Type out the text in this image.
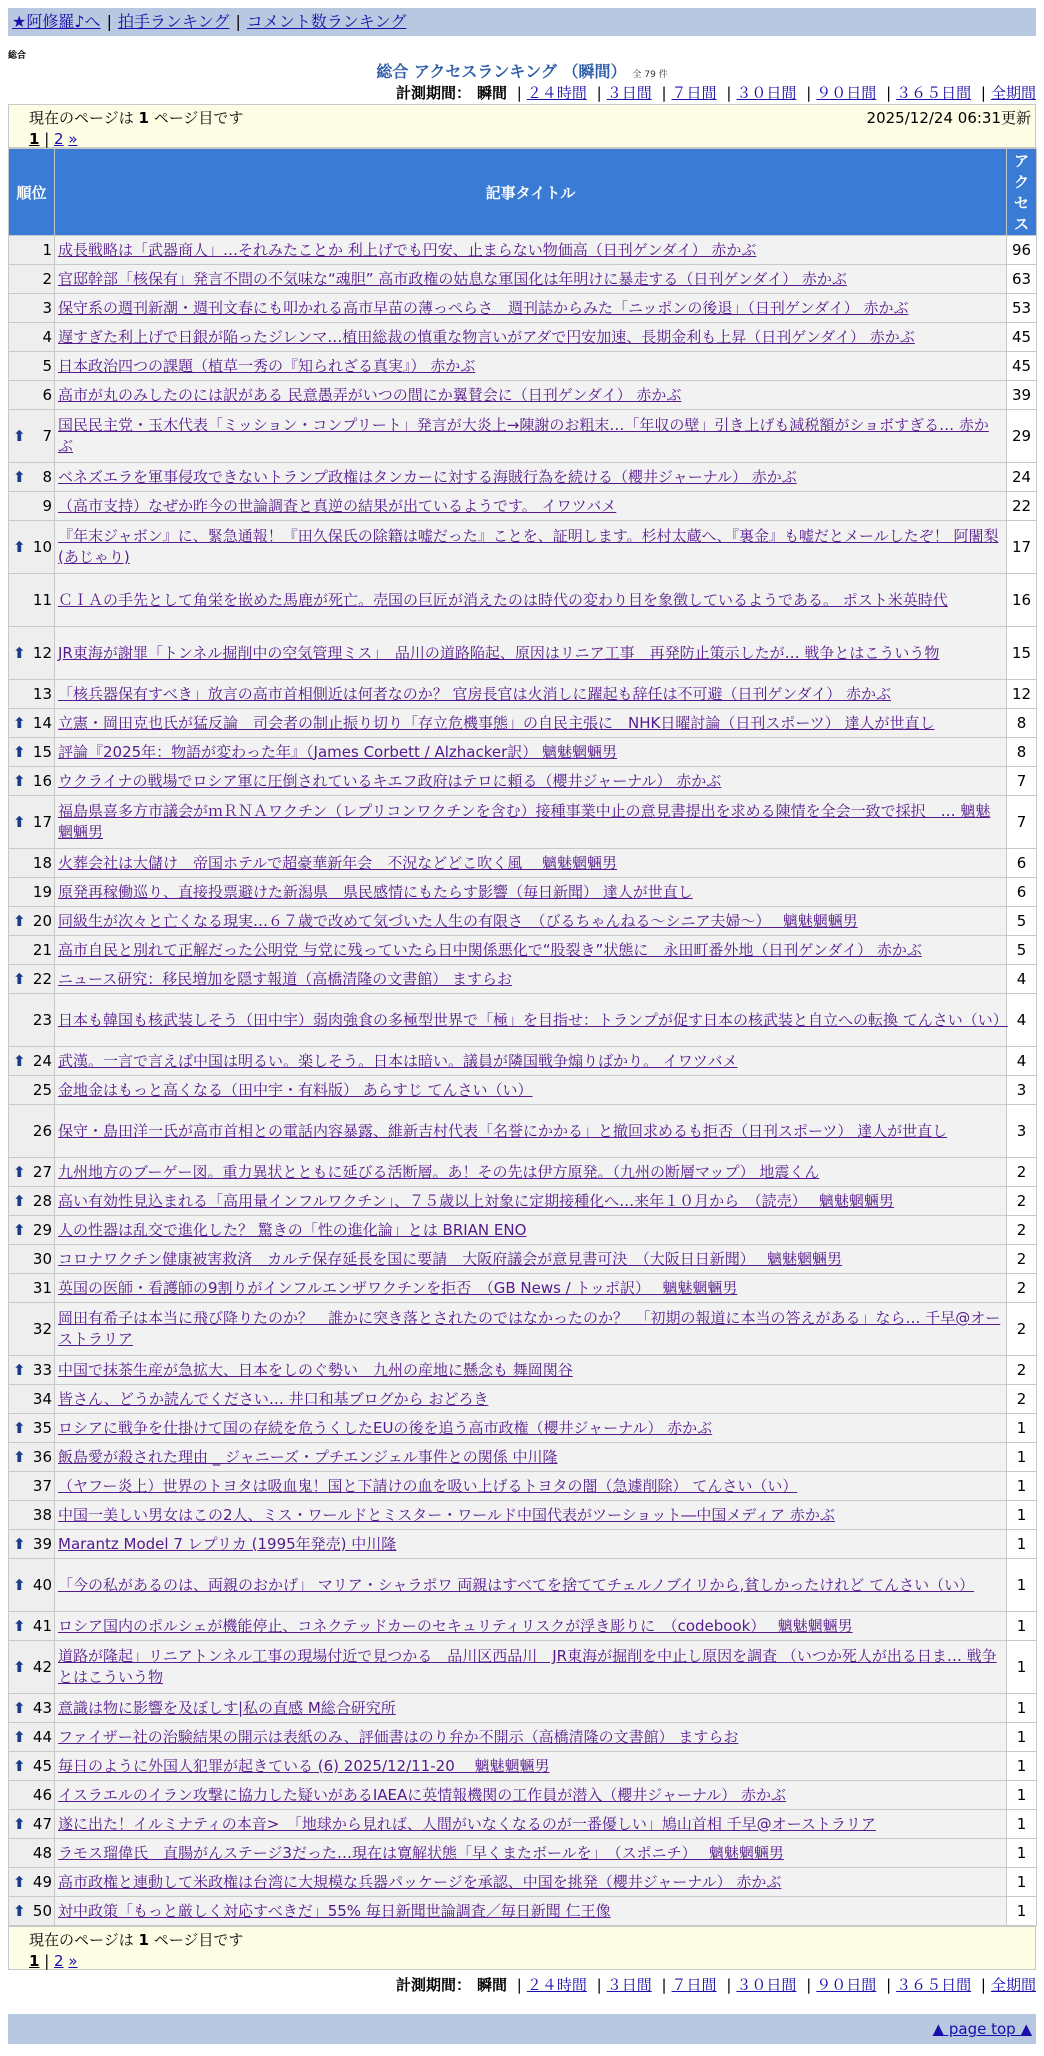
★阿修羅♪へ | 拍手ランキング | コメント数ランキング
総合
総合 アクセスランキング （瞬間） 全 79 件
計測期間： 瞬間 | ２４時間 | ３日間 | ７日間 | ３０日間 | ９０日間 | ３６５日間 | 全期間
現在のページは 1 ページ目です	2025/12/24 06:31更新
1 | 2 »
順位	記事タイトル	アクセス
1	成長戦略は「武器商人」…それみたことか 利上げでも円安、止まらない物価高（日刊ゲンダイ） 赤かぶ	96
2	官邸幹部「核保有」発言不問の不気味な“魂胆” 高市政権の姑息な軍国化は年明けに暴走する（日刊ゲンダイ） 赤かぶ	63
3	保守系の週刊新潮・週刊文春にも叩かれる高市早苗の薄っぺらさ　週刊誌からみた「ニッポンの後退」（日刊ゲンダイ） 赤かぶ	53
4	遅すぎた利上げで日銀が陥ったジレンマ…植田総裁の慎重な物言いがアダで円安加速、長期金利も上昇（日刊ゲンダイ） 赤かぶ	45
5	日本政治四つの課題（植草一秀の『知られざる真実』） 赤かぶ	45
6	高市が丸のみしたのには訳がある 民意愚弄がいつの間にか翼賛会に（日刊ゲンダイ） 赤かぶ	39

⬆ 7	国民民主党・玉木代表「ミッション・コンプリート」発言が大炎上→陳謝のお粗末…「年収の壁」引き上げも減税額がショボすぎる… 赤かぶ	29

⬆ 8	ベネズエラを軍事侵攻できないトランプ政権はタンカーに対する海賊行為を続ける（櫻井ジャーナル） 赤かぶ	24
9	（高市支持）なぜか昨今の世論調査と真逆の結果が出ているようです。 イワツバメ	22

⬆ 10	『年末ジャボン』に、緊急通報！『田久保氏の除籍は嘘だった』ことを、証明します。杉村太蔵へ、『裏金』も嘘だとメールしたぞ！ 阿闍梨(あじゃり)	17
11	ＣＩＡの手先として角栄を嵌めた馬鹿が死亡。売国の巨匠が消えたのは時代の変わり目を象徴しているようである。 ポスト米英時代	16

⬆ 12	JR東海が謝罪「トンネル掘削中の空気管理ミス」　品川の道路陥起、原因はリニア工事　再発防止策示したが… 戦争とはこういう物	15
13	「核兵器保有すべき」放言の高市首相側近は何者なのか？ 官房長官は火消しに躍起も辞任は不可避（日刊ゲンダイ） 赤かぶ	12

⬆ 14	立憲・岡田克也氏が猛反論　司会者の制止振り切り「存立危機事態」の自民主張に　NHK日曜討論（日刊スポーツ） 達人が世直し	8

⬆ 15	評論『2025年：物語が変わった年』（James Corbett / Alzhacker訳） 魑魅魍魎男	8

⬆ 16	ウクライナの戦場でロシア軍に圧倒されているキエフ政府はテロに頼る（櫻井ジャーナル） 赤かぶ	7

⬆ 17	福島県喜多方市議会がｍＲＮＡワクチン（レプリコンワクチンを含む）接種事業中止の意見書提出を求める陳情を全会一致で採択　… 魑魅魍魎男	7
18	火葬会社は大儲け　帝国ホテルで超豪華新年会　不況などどこ吹く風　 魑魅魍魎男	6
19	原発再稼働巡り、直接投票避けた新潟県　県民感情にもたらす影響（毎日新聞） 達人が世直し	6

⬆ 20	同級生が次々と亡くなる現実…６７歳で改めて気づいた人生の有限さ　（びるちゃんねる〜シニア夫婦〜）　 魑魅魍魎男	5
21	高市自民と別れて正解だった公明党 与党に残っていたら日中関係悪化で“股裂き”状態に　永田町番外地（日刊ゲンダイ） 赤かぶ	5

⬆ 22	ニュース研究：移民増加を隠す報道（高橋清隆の文書館） ますらお	4
23	日本も韓国も核武装しそう（田中宇）弱肉強食の多極型世界で「極」を目指せ：トランプが促す日本の核武装と自立への転換 てんさい（い）	4

⬆ 24	武漢。一言で言えば中国は明るい。楽しそう。日本は暗い。議員が隣国戦争煽りばかり。 イワツバメ	4
25	金地金はもっと高くなる（田中宇・有料版） あらすじ てんさい（い）	3
26	保守・島田洋一氏が高市首相との電話内容暴露、維新吉村代表「名誉にかかる」と撤回求めるも拒否（日刊スポーツ） 達人が世直し	3

⬆ 27	九州地方のブーゲー図。重力異状とともに延びる活断層。あ！その先は伊方原発。（九州の断層マップ） 地震くん	2

⬆ 28	高い有効性見込まれる「高用量インフルワクチン」、７５歳以上対象に定期接種化へ…来年１０月から　（読売）　 魑魅魍魎男	2

⬆ 29	人の性器は乱交で進化した？ 驚きの「性の進化論」とは BRIAN ENO	2
30	コロナワクチン健康被害救済　カルテ保存延長を国に要請　大阪府議会が意見書可決　（大阪日日新聞）　 魑魅魍魎男	2
31	英国の医師・看護師の9割りがインフルエンザワクチンを拒否　（GB News / トッポ訳）　 魑魅魍魎男	2
32	岡田有希子は本当に飛び降りたのか？　誰かに突き落とされたのではなかったのか？　「初期の報道に本当の答えがある」なら… 千早@オーストラリア	2

⬆ 33	中国で抹茶生産が急拡大、日本をしのぐ勢い　九州の産地に懸念も 舞岡関谷	2
34	皆さん、どうか読んでください… 井口和基ブログから おどろき	2

⬆ 35	ロシアに戦争を仕掛けて国の存続を危うくしたEUの後を追う高市政権（櫻井ジャーナル） 赤かぶ	1

⬆ 36	飯島愛が殺された理由 _ ジャニーズ・プチエンジェル事件との関係 中川隆	1
37	（ヤフー炎上）世界のトヨタは吸血鬼！国と下請けの血を吸い上げるトヨタの闇（急遽削除） てんさい（い）	1
38	中国一美しい男女はこの2人、ミス・ワールドとミスター・ワールド中国代表がツーショット―中国メディア 赤かぶ	1

⬆ 39	Marantz Model 7 レプリカ (1995年発売) 中川隆	1

⬆ 40	「今の私があるのは、両親のおかげ」 マリア・シャラポワ 両親はすべてを捨ててチェルノブイリから,貧しかったけれど てんさい（い）	1

⬆ 41	ロシア国内のポルシェが機能停止、コネクテッドカーのセキュリティリスクが浮き彫りに　（codebook）　 魑魅魍魎男	1

⬆ 42	道路が隆起」リニアトンネル工事の現場付近で見つかる　品川区西品川　JR東海が掘削を中止し原因を調査 （いつか死人が出る日ま… 戦争とはこういう物	1

⬆ 43	意識は物に影響を及ぼしす|私の直感 M総合研究所	1

⬆ 44	ファイザー社の治験結果の開示は表紙のみ、評価書はのり弁か不開示（高橋清隆の文書館） ますらお	1

⬆ 45	毎日のように外国人犯罪が起きている (6) 2025/12/11-20　 魑魅魍魎男	1
46	イスラエルのイラン攻撃に協力した疑いがあるIAEAに英情報機関の工作員が潜入（櫻井ジャーナル） 赤かぶ	1

⬆ 47	遂に出た！イルミナティの本音>　「地球から見れば、人間がいなくなるのが一番優しい」鳩山首相 千早@オーストラリア	1
48	ラモス瑠偉氏　直腸がんステージ3だった…現在は寛解状態「早くまたボールを」　（スポニチ）　 魑魅魍魎男	1

⬆ 49	高市政権と連動して米政権は台湾に大規模な兵器パッケージを承認、中国を挑発（櫻井ジャーナル） 赤かぶ	1

⬆ 50	対中政策「もっと厳しく対応すべきだ」55% 毎日新聞世論調査／毎日新聞 仁王像	1
現在のページは 1 ページ目です
1 | 2 »
計測期間： 瞬間 | ２４時間 | ３日間 | ７日間 | ３０日間 | ９０日間 | ３６５日間 | 全期間
▲ page top ▲
